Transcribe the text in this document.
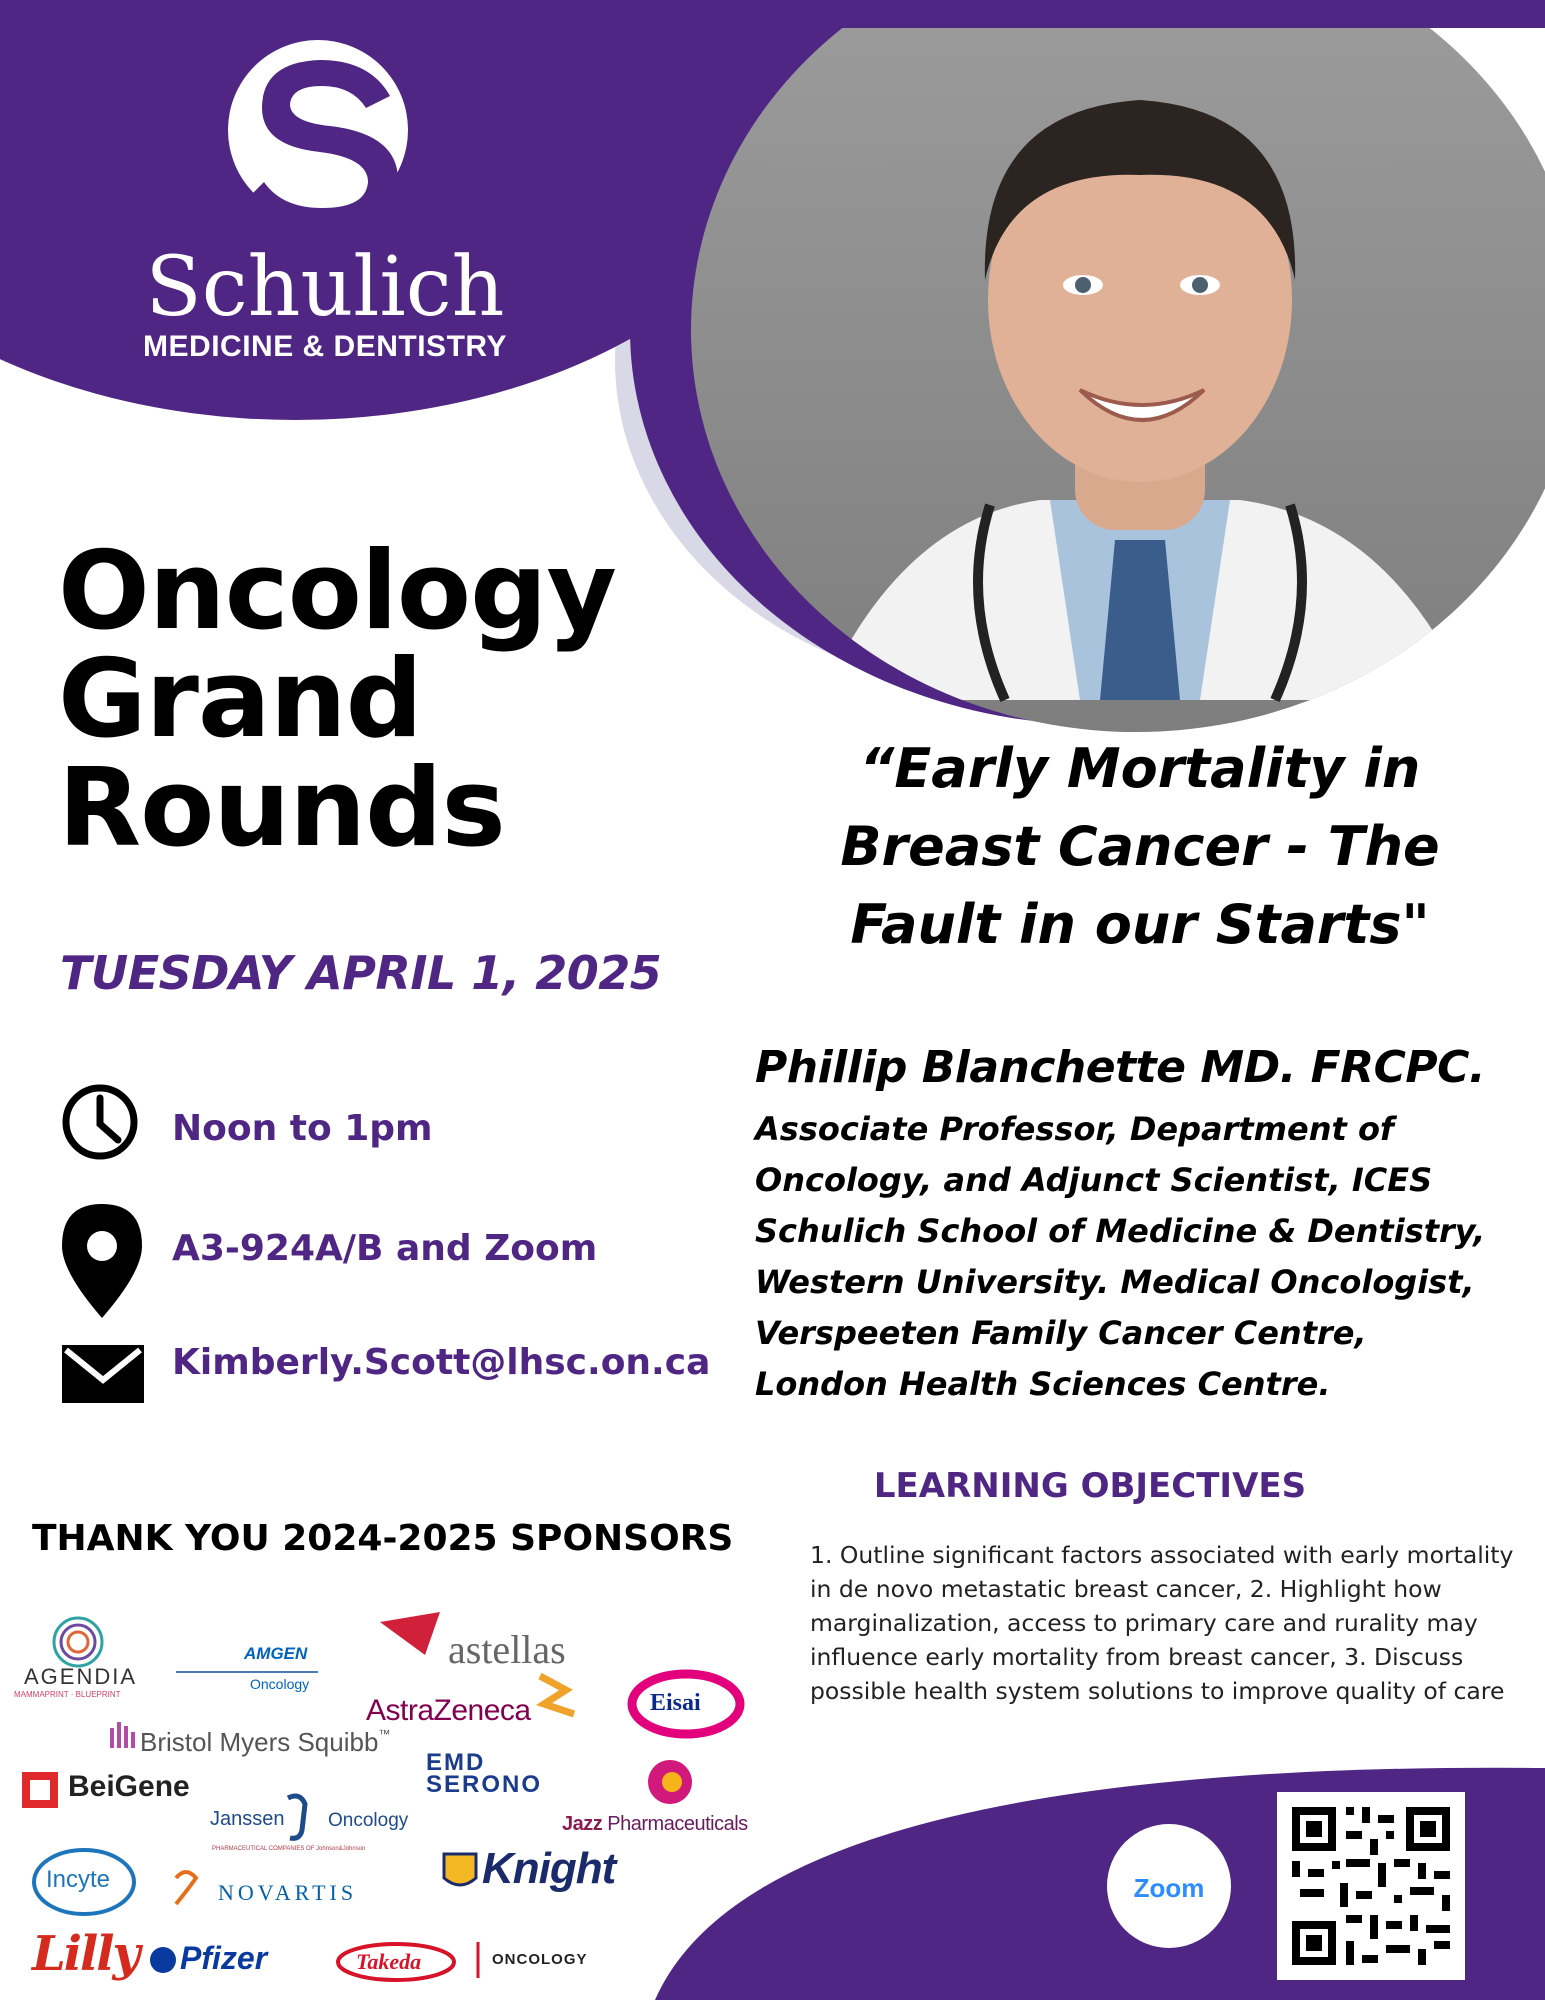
Schulich
MEDICINE & DENTISTRY
Oncology
Grand
Rounds
TUESDAY APRIL 1, 2025
Noon to 1pm
A3-924A/B and Zoom
Kimberly.Scott@lhsc.on.ca
“Early Mortality in Breast Cancer - The Fault in our Starts"
Phillip Blanchette MD. FRCPC.
Associate Professor, Department of
Oncology, and Adjunct Scientist, ICES
Schulich School of Medicine & Dentistry,
Western University. Medical Oncologist,
Verspeeten Family Cancer Centre,
London Health Sciences Centre.
LEARNING OBJECTIVES
1. Outline significant factors associated with early mortality in de novo metastatic breast cancer, 2. Highlight how marginalization, access to primary care and rurality may influence early mortality from breast cancer, 3. Discuss possible health system solutions to improve quality of care
THANK YOU 2024-2025 SPONSORS
AGENDIA
MAMMAPRINT · BLUEPRINT
AMGEN
Oncology
astellas
AstraZeneca	Eisai
Bristol Myers Squibb™
BeiGene
EMD
SERONO
Jazz Pharmaceuticals
Janssen Oncology
PHARMACEUTICAL COMPANIES OF Johnson&Johnson
Incyte	NOVARTIS	Knight
Lilly Pfizer	Takeda	ONCOLOGY
Zoom
